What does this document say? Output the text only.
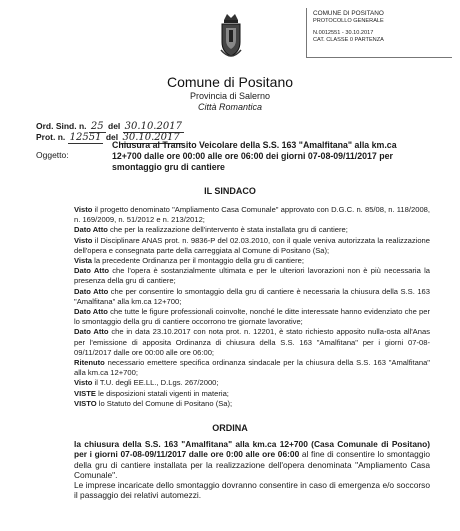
COMUNE DI POSITANO
PROTOCOLLO GENERALE
N.0012551 - 30.10.2017
CAT. CLASSE 0 PARTENZA
Comune di Positano
Provincia di Salerno
Città Romantica
Ord. Sind. n. 25 del 30.10.2017
Prot. n. 12551 del 30.10.2017
Oggetto:
Chiusura al Transito Veicolare della S.S. 163 "Amalfitana" alla km.ca 12+700 dalle ore 00:00 alle ore 06:00 dei giorni 07-08-09/11/2017 per smontaggio gru di cantiere
IL SINDACO

Visto il progetto denominato "Ampliamento Casa Comunale" approvato con D.G.C. n. 85/08, n. 118/2008, n. 169/2009, n. 51/2012 e n. 213/2012;

Dato Atto che per la realizzazione dell'intervento è stata installata gru di cantiere;

Visto il Disciplinare ANAS prot. n. 9836-P del 02.03.2010, con il quale veniva autorizzata la realizzazione dell'opera e consegnata parte della carreggiata al Comune di Positano (Sa);

Vista la precedente Ordinanza per il montaggio della gru di cantiere;

Dato Atto che l'opera è sostanzialmente ultimata e per le ulteriori lavorazioni non è più necessaria la presenza della gru di cantiere;

Dato Atto che per consentire lo smontaggio della gru di cantiere è necessaria la chiusura della S.S. 163 "Amalfitana" alla km.ca 12+700;

Dato Atto che tutte le figure professionali coinvolte, nonché le ditte interessate hanno evidenziato che per lo smontaggio della gru di cantiere occorrono tre giornate lavorative;

Dato Atto che in data 23.10.2017 con nota prot. n. 12201, è stato richiesto apposito nulla-osta all'Anas per l'emissione di apposita Ordinanza di chiusura della S.S. 163 "Amalfitana" per i giorni 07-08-09/11/2017 dalle ore 00:00 alle ore 06:00;

Ritenuto necessario emettere specifica ordinanza sindacale per la chiusura della S.S. 163 "Amalfitana" alla km.ca 12+700;

Visto il T.U. degli EE.LL., D.Lgs. 267/2000;

VISTE le disposizioni statali vigenti in materia;

VISTO lo Statuto del Comune di Positano (Sa);

ORDINA

la chiusura della S.S. 163 "Amalfitana" alla km.ca 12+700 (Casa Comunale di Positano) per i giorni 07-08-09/11/2017 dalle ore 0:00 alle ore 06:00 al fine di consentire lo smontaggio della gru di cantiere installata per la realizzazione dell'opera denominata "Ampliamento Casa Comunale".

Le imprese incaricate dello smontaggio dovranno consentire in caso di emergenza e/o soccorso il passaggio dei relativi automezzi.
